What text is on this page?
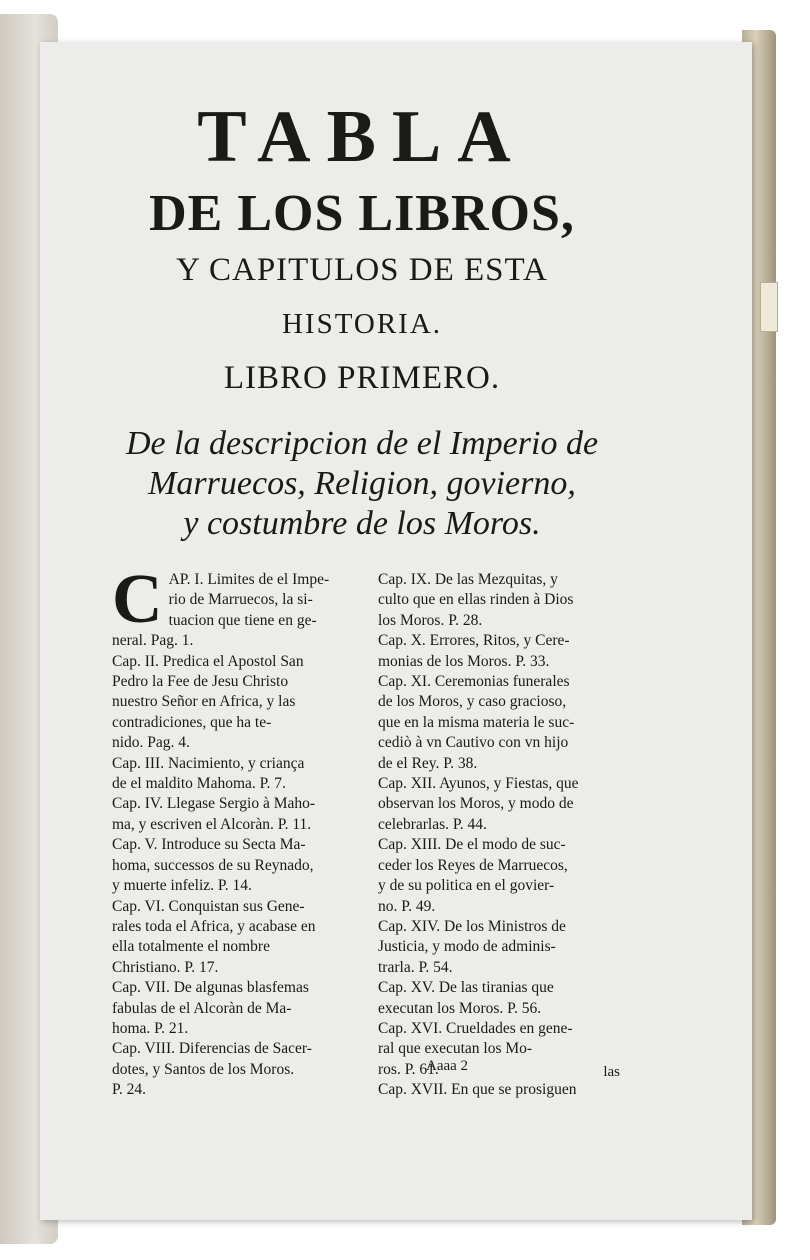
TABLA
DE LOS LIBROS,
Y CAPITULOS DE ESTA
HISTORIA.
LIBRO PRIMERO.
De la descripcion de el Imperio de
Marruecos, Religion, govierno,
y costumbre de los Moros.
C AP. I. Limites de el Impe-
rio de Marruecos, la si-
tuacion que tiene en ge-
neral. Pag. 1.
Cap. II. Predica el Apostol San
Pedro la Fee de Jesu Christo
nuestro Señor en Africa, y las
contradiciones, que ha te-
nido. Pag. 4.
Cap. III. Nacimiento, y criança
de el maldito Mahoma. P. 7.
Cap. IV. Llegase Sergio à Maho-
ma, y escriven el Alcoràn. P. 11.
Cap. V. Introduce su Secta Ma-
homa, successos de su Reynado,
y muerte infeliz. P. 14.
Cap. VI. Conquistan sus Gene-
rales toda el Africa, y acabase en
ella totalmente el nombre
Christiano. P. 17.
Cap. VII. De algunas blasfemas
fabulas de el Alcoràn de Ma-
homa. P. 21.
Cap. VIII. Diferencias de Sacer-
dotes, y Santos de los Moros.
P. 24.
Cap. IX. De las Mezquitas, y
culto que en ellas rinden à Dios
los Moros. P. 28.
Cap. X. Errores, Ritos, y Cere-
monias de los Moros. P. 33.
Cap. XI. Ceremonias funerales
de los Moros, y caso gracioso,
que en la misma materia le suc-
cediò à vn Cautivo con vn hijo
de el Rey. P. 38.
Cap. XII. Ayunos, y Fiestas, que
observan los Moros, y modo de
celebrarlas. P. 44.
Cap. XIII. De el modo de suc-
ceder los Reyes de Marruecos,
y de su politica en el govier-
no. P. 49.
Cap. XIV. De los Ministros de
Justicia, y modo de adminis-
trarla. P. 54.
Cap. XV. De las tiranias que
executan los Moros. P. 56.
Cap. XVI. Crueldades en gene-
ral que executan los Mo-
ros. P. 61.
Cap. XVII. En que se prosiguen
Aaaa 2	las
